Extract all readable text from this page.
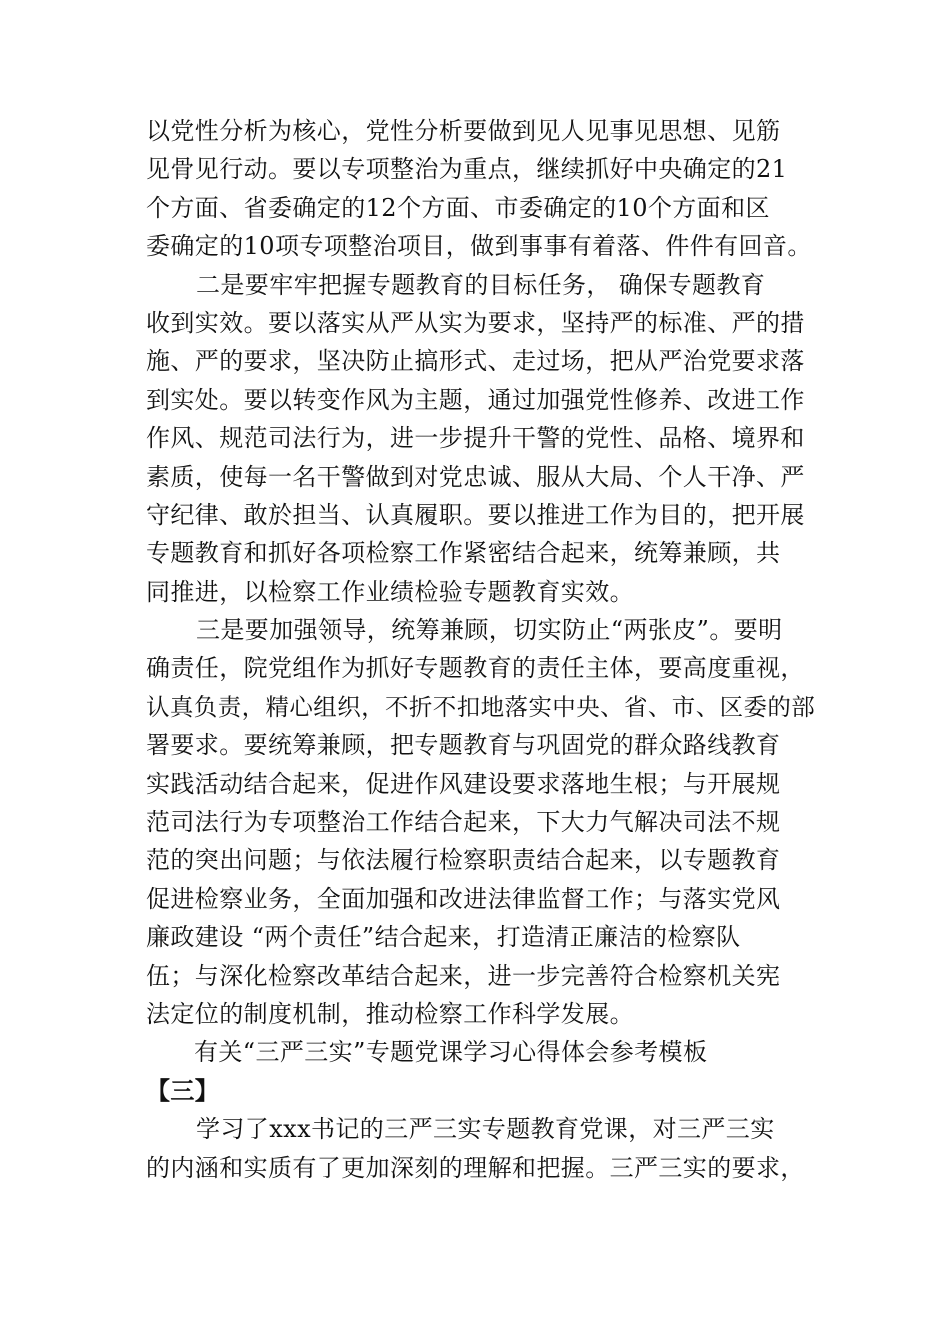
以党性分析为核心，党性分析要做到见人见事见思想、见筋
见骨见行动。要以专项整治为重点，继续抓好中央确定的21
个方面、省委确定的12个方面、市委确定的10个方面和区
委确定的10项专项整治项目，做到事事有着落、件件有回音。
二是要牢牢把握专题教育的目标任务， 确保专题教育
收到实效。要以落实从严从实为要求，坚持严的标准、严的措
施、严的要求，坚决防止搞形式、走过场，把从严治党要求落
到实处。要以转变作风为主题，通过加强党性修养、改进工作
作风、规范司法行为，进一步提升干警的党性、品格、境界和
素质，使每一名干警做到对党忠诚、服从大局、个人干净、严
守纪律、敢於担当、认真履职。要以推进工作为目的，把开展
专题教育和抓好各项检察工作紧密结合起来，统筹兼顾，共
同推进，以检察工作业绩检验专题教育实效。
三是要加强领导，统筹兼顾，切实防止“两张皮”。要明
确责任，院党组作为抓好专题教育的责任主体，要高度重视，
认真负责，精心组织，不折不扣地落实中央、省、市、区委的部
署要求。要统筹兼顾，把专题教育与巩固党的群众路线教育
实践活动结合起来，促进作风建设要求落地生根；与开展规
范司法行为专项整治工作结合起来，下大力气解决司法不规
范的突出问题；与依法履行检察职责结合起来，以专题教育
促进检察业务，全面加强和改进法律监督工作；与落实党风
廉政建设 “两个责任”结合起来，打造清正廉洁的检察队
伍；与深化检察改革结合起来，进一步完善符合检察机关宪
法定位的制度机制，推动检察工作科学发展。
有关“三严三实”专题党课学习心得体会参考模板
【三】
学习了xxx书记的三严三实专题教育党课，对三严三实
的内涵和实质有了更加深刻的理解和把握。三严三实的要求，
